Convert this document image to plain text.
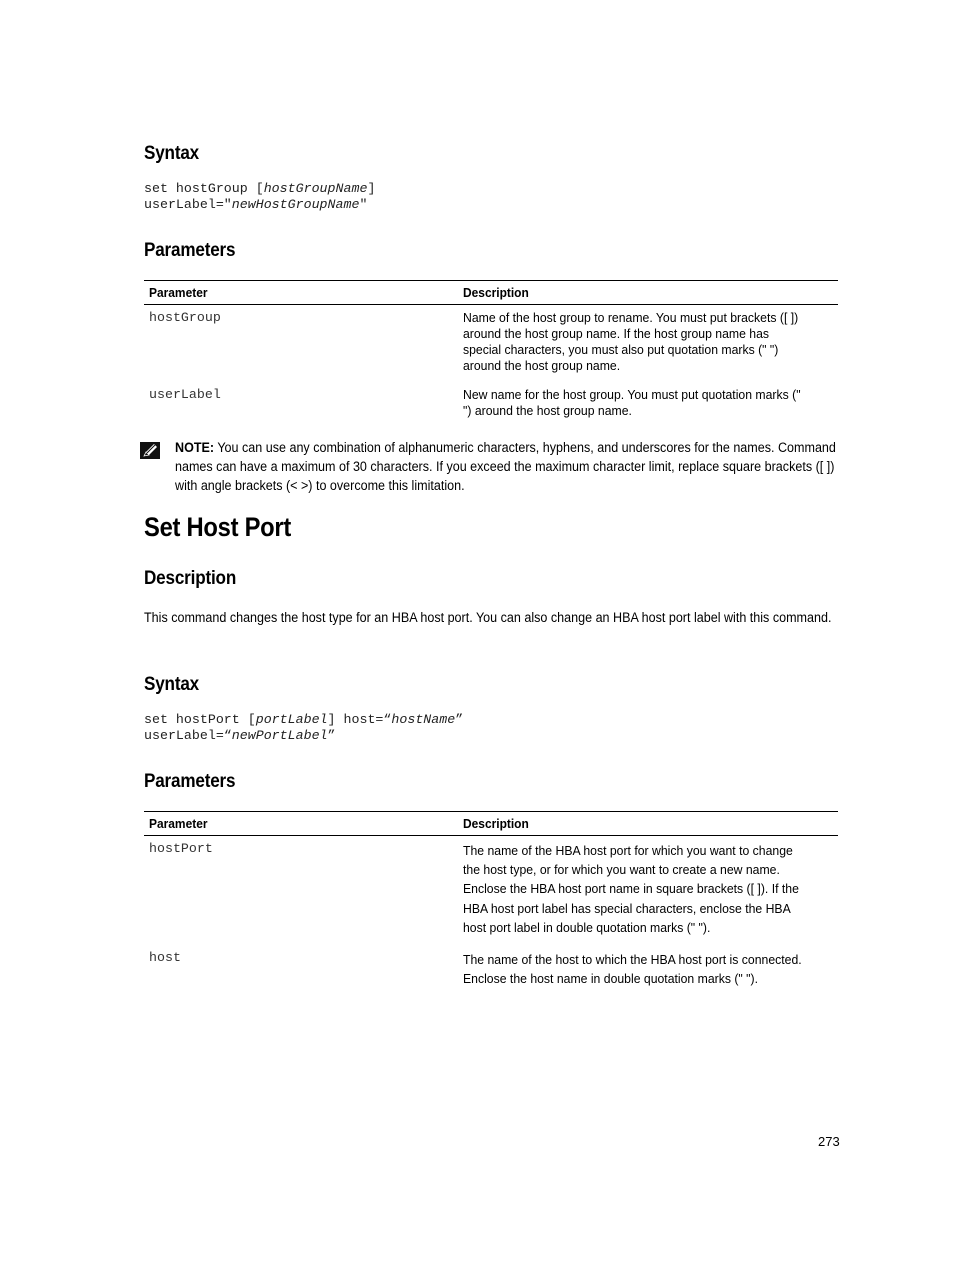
Syntax
set hostGroup [hostGroupName]
userLabel="newHostGroupName"
Parameters
Parameter	Description
hostGroup	Name of the host group to rename. You must put brackets ([ ]) around the host group name. If the host group name has special characters, you must also put quotation marks (" ") around the host group name.
userLabel	New name for the host group. You must put quotation marks (" ") around the host group name.

NOTE: You can use any combination of alphanumeric characters, hyphens, and underscores for the names. Command names can have a maximum of 30 characters. If you exceed the maximum character limit, replace square brackets ([ ]) with angle brackets (< >) to overcome this limitation.

Set Host Port
Description

This command changes the host type for an HBA host port. You can also change an HBA host port label with this command.

Syntax
set hostPort [portLabel] host=“hostName”
userLabel=“newPortLabel”
Parameters
Parameter	Description
hostPort	The name of the HBA host port for which you want to change the host type, or for which you want to create a new name. Enclose the HBA host port name in square brackets ([ ]). If the HBA host port label has special characters, enclose the HBA host port label in double quotation marks (" ").
host	The name of the host to which the HBA host port is connected. Enclose the host name in double quotation marks (" ").
273
